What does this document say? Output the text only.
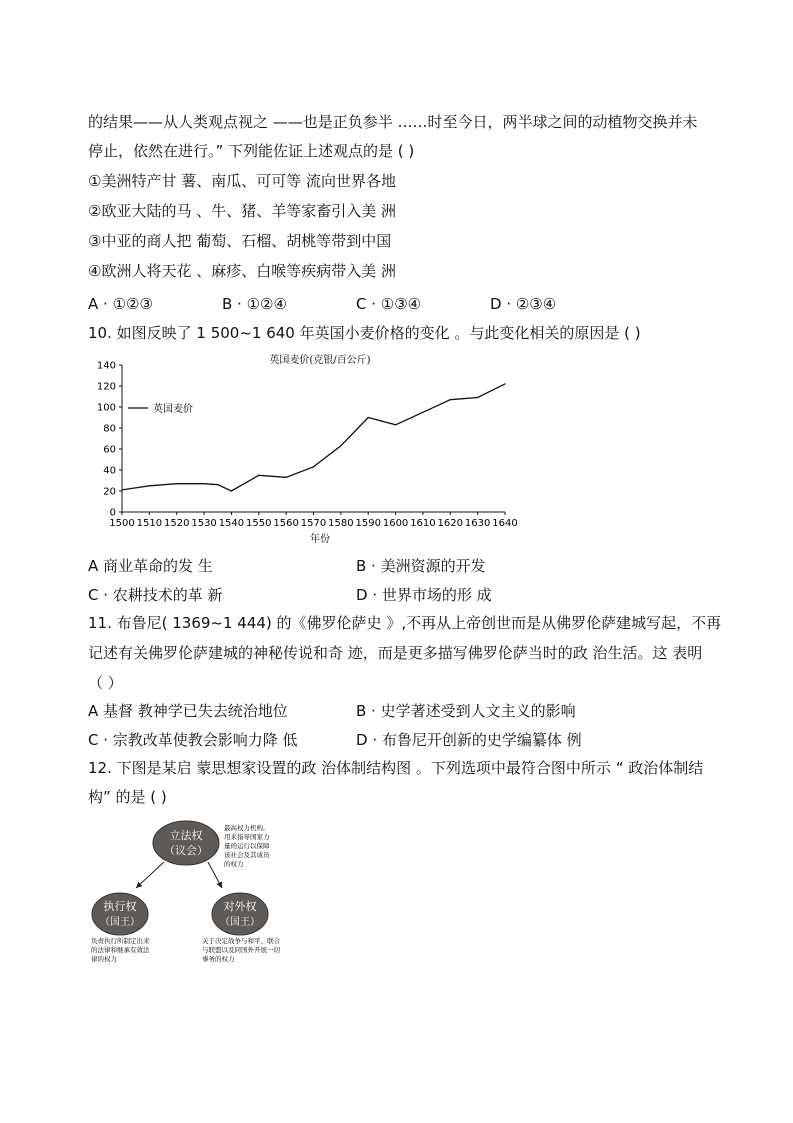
的结果——从人类观点视之 ——也是正负参半 ……时至今日，两半球之间的动植物交换并未
停止，依然在进行。” 下列能佐证上述观点的是 ( )
①美洲特产甘 薯、南瓜、可可等 流向世界各地
②欧亚大陆的马 、牛、猪、羊等家畜引入美 洲
③中亚的商人把 葡萄、石榴、胡桃等带到中国
④欧洲人将天花 、麻疹、白喉等疾病带入美 洲
A · ①②③	B · ①②④	C · ①③④	D · ②③④
10. 如图反映了 1 500~1 640 年英国小麦价格的变化 。与此变化相关的原因是 ( )
英国麦价(克银/百公斤)
0
20
40
60
80
100
120
140
1500 1510 1520 1530 1540 1550 1560 1570 1580 1590 1600 1610 1620 1630 1640
英国麦价
年份
A 商业革命的发 生	B · 美洲资源的开发
C · 农耕技术的革 新	D · 世界市场的形 成
11. 布鲁尼( 1369~1 444) 的《佛罗伦萨史 》,不再从上帝创世而是从佛罗伦萨建城写起，不再
记述有关佛罗伦萨建城的神秘传说和奇 迹，而是更多描写佛罗伦萨当时的政 治生活。这 表明
（ ）
A 基督 教神学已失去统治地位	B · 史学著述受到人文主义的影响
C · 宗教改革使教会影响力降 低	D · 布鲁尼开创新的史学编纂体 例
12. 下图是某启 蒙思想家设置的政 治体制结构图 。下列选项中最符合图中所示 “ 政治体制结
构” 的是 ( )
立法权
（议会）
最高权力机构,
用来指导国家力
量的运行以保障
该社会及其成员
的权力
执行权
（国王）
对外权
（国王）
负责执行所制定出来
的法律和继承有效法
律的权力
关于决定战争与和平、联合
与联盟以及同国外开展一切
事务的权力
